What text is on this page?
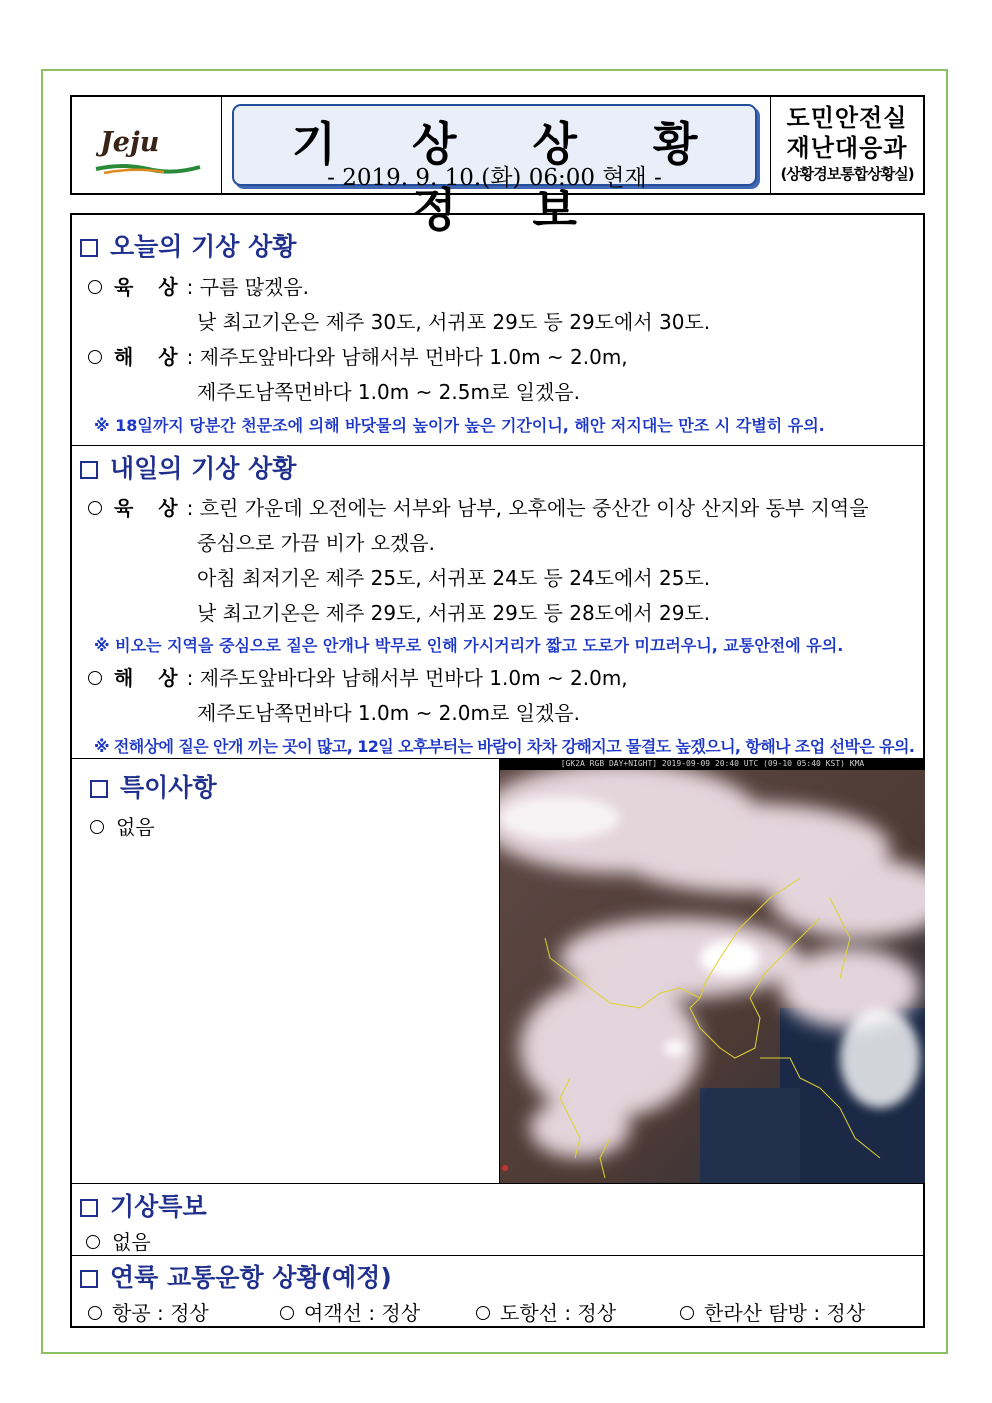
Jeju	기 상 상 황 정 보
- 2019. 9. 10.(화) 06:00 현재 -
도민안전실
재난대응과
(상황경보통합상황실)
오늘의 기상 상황
육 상: 구름 많겠음.
낮 최고기온은 제주 30도, 서귀포 29도 등 29도에서 30도.
해 상: 제주도앞바다와 남해서부 먼바다 1.0m ~ 2.0m,
제주도남쪽먼바다 1.0m ~ 2.5m로 일겠음.
※ 18일까지 당분간 천문조에 의해 바닷물의 높이가 높은 기간이니, 해안 저지대는 만조 시 각별히 유의.
내일의 기상 상황
육 상: 흐린 가운데 오전에는 서부와 남부, 오후에는 중산간 이상 산지와 동부 지역을
중심으로 가끔 비가 오겠음.
아침 최저기온 제주 25도, 서귀포 24도 등 24도에서 25도.
낮 최고기온은 제주 29도, 서귀포 29도 등 28도에서 29도.
※ 비오는 지역을 중심으로 짙은 안개나 박무로 인해 가시거리가 짧고 도로가 미끄러우니, 교통안전에 유의.
해 상: 제주도앞바다와 남해서부 먼바다 1.0m ~ 2.0m,
제주도남쪽먼바다 1.0m ~ 2.0m로 일겠음.
※ 전해상에 짙은 안개 끼는 곳이 많고, 12일 오후부터는 바람이 차차 강해지고 물결도 높겠으니, 항해나 조업 선박은 유의.
특이사항
없음
[GK2A RGB DAY+NIGHT] 2019-09-09 20:40 UTC (09-10 05:40 KST) KMA
기상특보
없음
연륙 교통운항 상황(예정)
항공 : 정상	여객선 : 정상	도항선 : 정상	한라산 탐방 : 정상
